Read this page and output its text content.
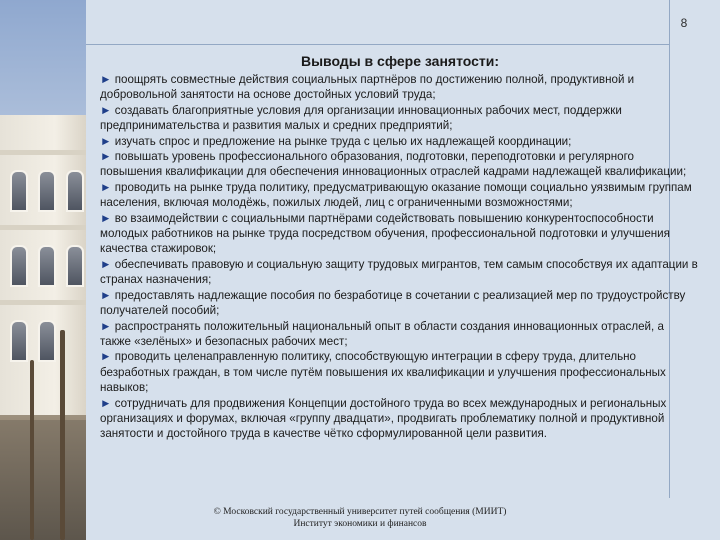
8
Выводы в сфере занятости:

► поощрять совместные действия социальных партнёров по достижению полной, продуктивной и добровольной занятости на основе достойных условий труда;

► создавать благоприятные условия для организации инновационных рабочих мест, поддержки предпринимательства и развития малых и средних предприятий;

► изучать спрос и предложение на рынке труда с целью их надлежащей координации;

► повышать уровень профессионального образования, подготовки, переподготовки и регулярного повышения квалификации для обеспечения инновационных отраслей кадрами надлежащей квалификации;

► проводить на рынке труда политику, предусматривающую оказание помощи социально уязвимым группам населения, включая молодёжь, пожилых людей, лиц с ограниченными возможностями;

► во взаимодействии с социальными партнёрами содействовать повышению конкурентоспособности молодых работников на рынке труда посредством обучения, профессиональной подготовки и улучшения качества стажировок;

► обеспечивать правовую и социальную защиту трудовых мигрантов, тем самым способствуя их адаптации в странах назначения;

► предоставлять надлежащие пособия по безработице в сочетании с реализацией мер по трудоустройству получателей пособий;

► распространять положительный национальный опыт в области создания инновационных отраслей, а также «зелёных» и безопасных рабочих мест;

► проводить целенаправленную политику, способствующую интеграции в сферу труда, длительно безработных граждан, в том числе путём повышения их квалификации и улучшения профессиональных навыков;

► сотрудничать для продвижения Концепции достойного труда во всех международных и региональных организациях и форумах, включая «группу двадцати», продвигать проблематику полной и продуктивной занятости и достойного труда в качестве чётко сформулированной цели развития.

© Московский государственный университет путей сообщения (МИИТ)
Институт экономики и финансов
